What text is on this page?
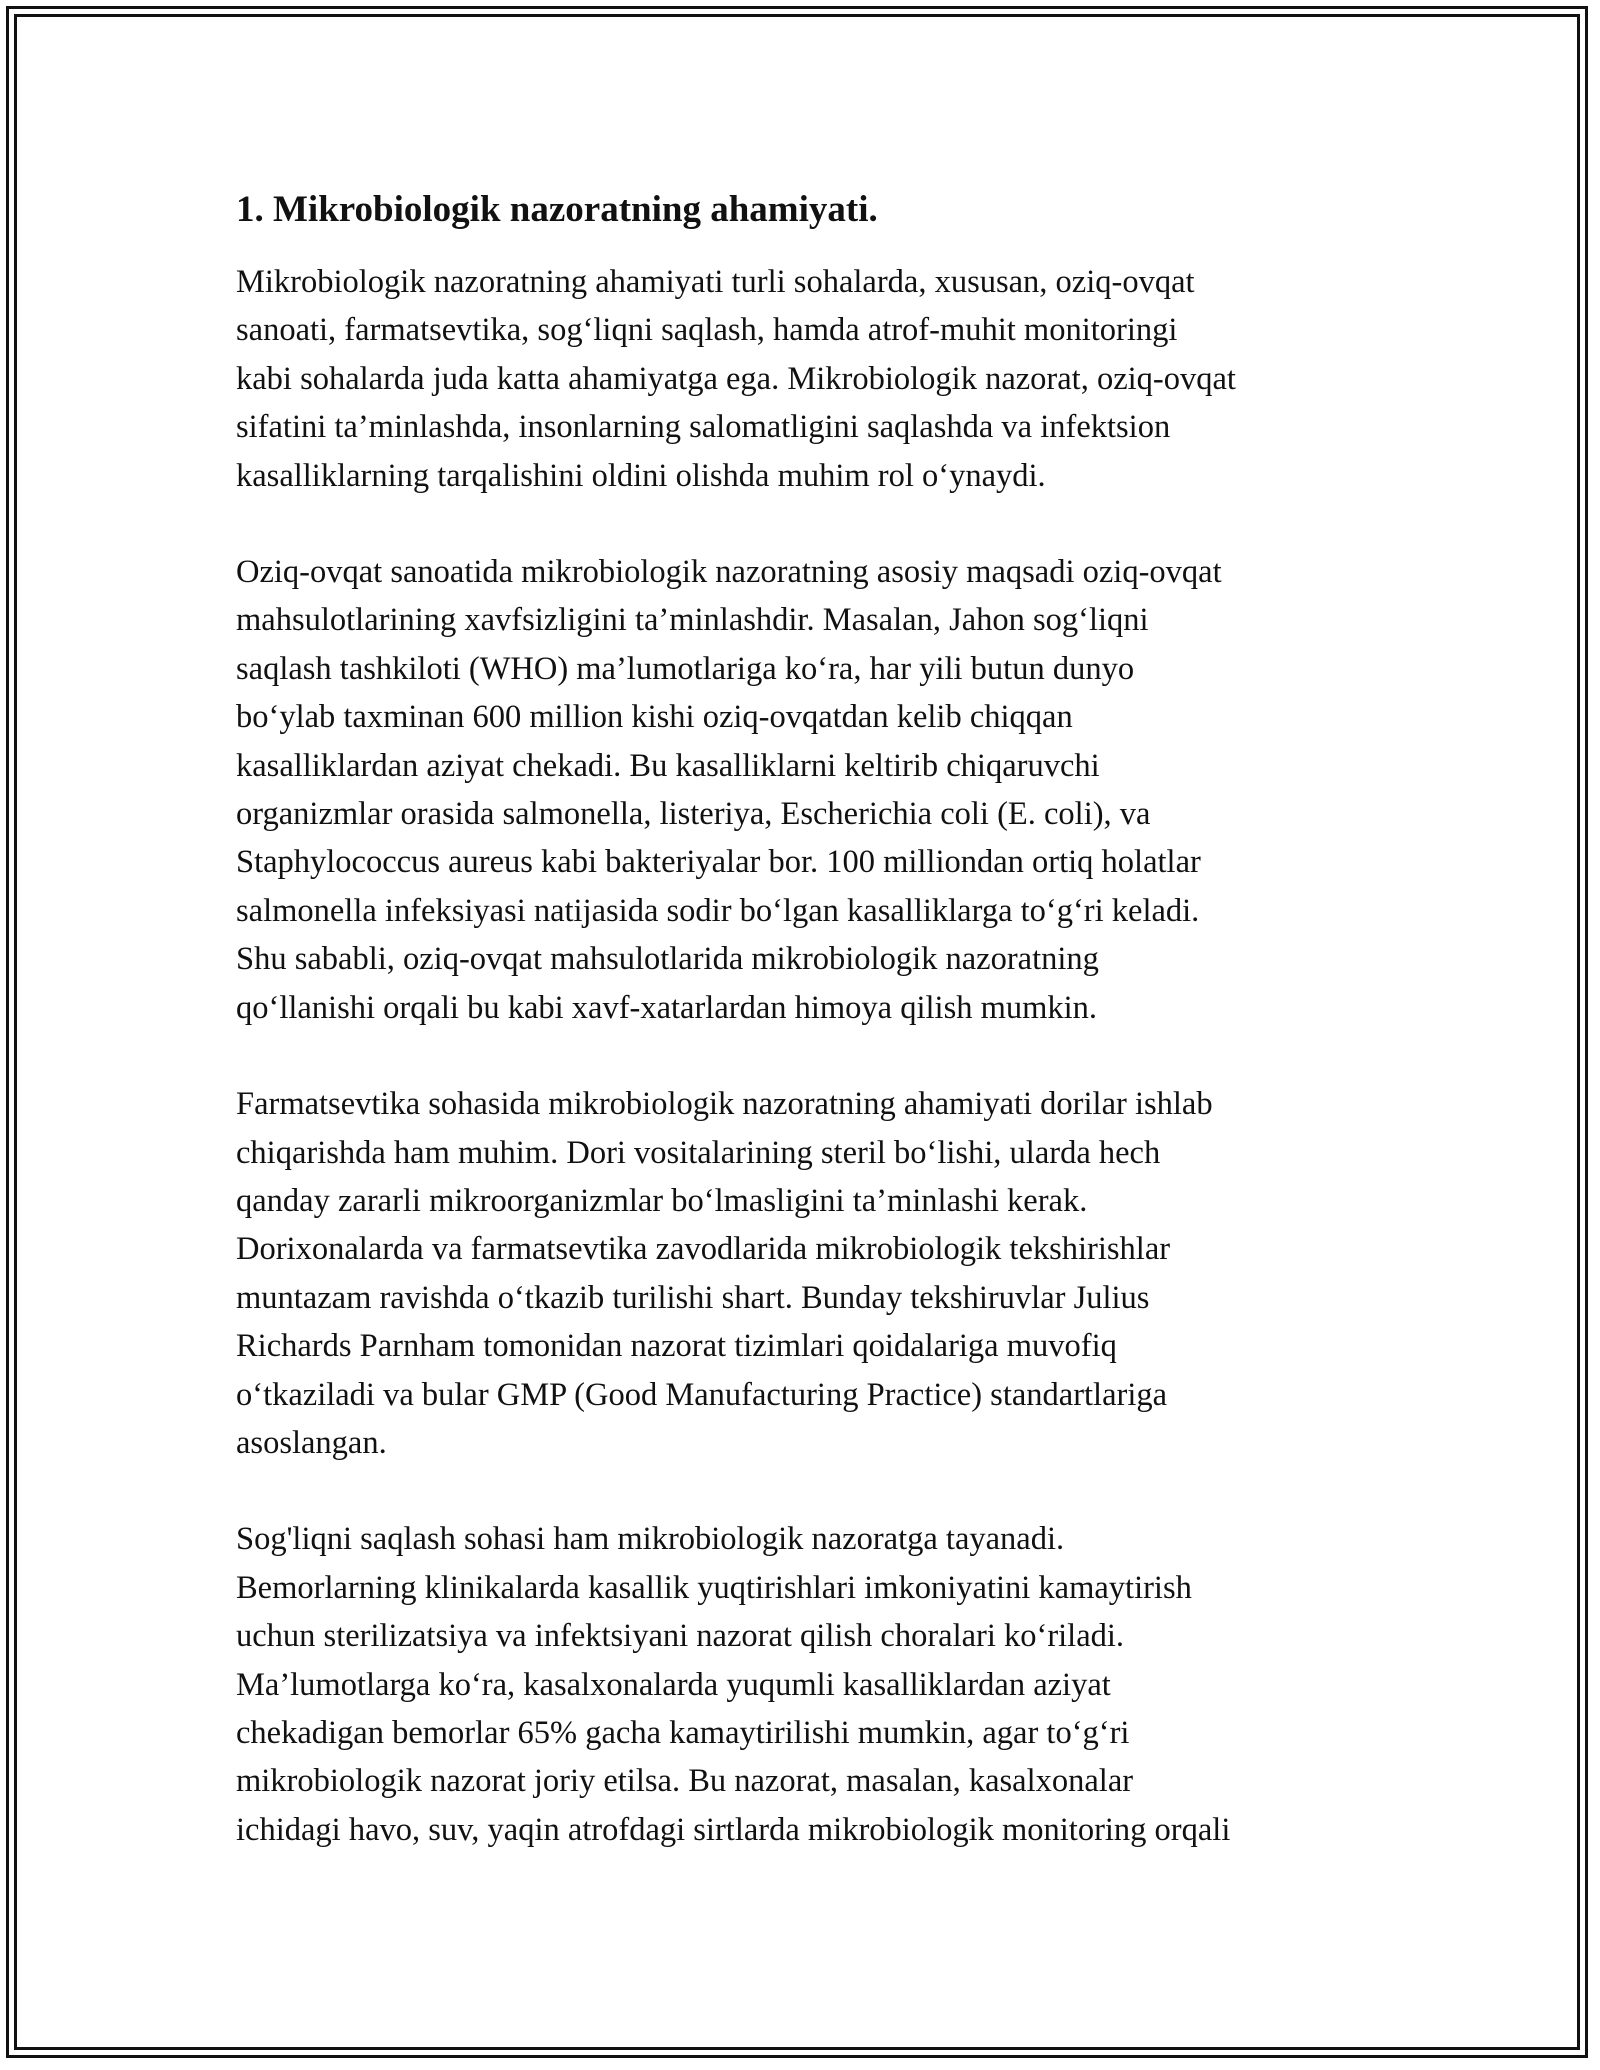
1. Mikrobiologik nazoratning ahamiyati.
Mikrobiologik nazoratning ahamiyati turli sohalarda, xususan, oziq-ovqat
sanoati, farmatsevtika, sog‘liqni saqlash, hamda atrof-muhit monitoringi
kabi sohalarda juda katta ahamiyatga ega. Mikrobiologik nazorat, oziq-ovqat
sifatini ta’minlashda, insonlarning salomatligini saqlashda va infektsion
kasalliklarning tarqalishini oldini olishda muhim rol o‘ynaydi.
Oziq-ovqat sanoatida mikrobiologik nazoratning asosiy maqsadi oziq-ovqat
mahsulotlarining xavfsizligini ta’minlashdir. Masalan, Jahon sog‘liqni
saqlash tashkiloti (WHO) ma’lumotlariga ko‘ra, har yili butun dunyo
bo‘ylab taxminan 600 million kishi oziq-ovqatdan kelib chiqqan
kasalliklardan aziyat chekadi. Bu kasalliklarni keltirib chiqaruvchi
organizmlar orasida salmonella, listeriya, Escherichia coli (E. coli), va
Staphylococcus aureus kabi bakteriyalar bor. 100 milliondan ortiq holatlar
salmonella infeksiyasi natijasida sodir bo‘lgan kasalliklarga to‘g‘ri keladi.
Shu sababli, oziq-ovqat mahsulotlarida mikrobiologik nazoratning
qo‘llanishi orqali bu kabi xavf-xatarlardan himoya qilish mumkin.
Farmatsevtika sohasida mikrobiologik nazoratning ahamiyati dorilar ishlab
chiqarishda ham muhim. Dori vositalarining steril bo‘lishi, ularda hech
qanday zararli mikroorganizmlar bo‘lmasligini ta’minlashi kerak.
Dorixonalarda va farmatsevtika zavodlarida mikrobiologik tekshirishlar
muntazam ravishda o‘tkazib turilishi shart. Bunday tekshiruvlar Julius
Richards Parnham tomonidan nazorat tizimlari qoidalariga muvofiq
o‘tkaziladi va bular GMP (Good Manufacturing Practice) standartlariga
asoslangan.
Sog'liqni saqlash sohasi ham mikrobiologik nazoratga tayanadi.
Bemorlarning klinikalarda kasallik yuqtirishlari imkoniyatini kamaytirish
uchun sterilizatsiya va infektsiyani nazorat qilish choralari ko‘riladi.
Ma’lumotlarga ko‘ra, kasalxonalarda yuqumli kasalliklardan aziyat
chekadigan bemorlar 65% gacha kamaytirilishi mumkin, agar to‘g‘ri
mikrobiologik nazorat joriy etilsa. Bu nazorat, masalan, kasalxonalar
ichidagi havo, suv, yaqin atrofdagi sirtlarda mikrobiologik monitoring orqali
